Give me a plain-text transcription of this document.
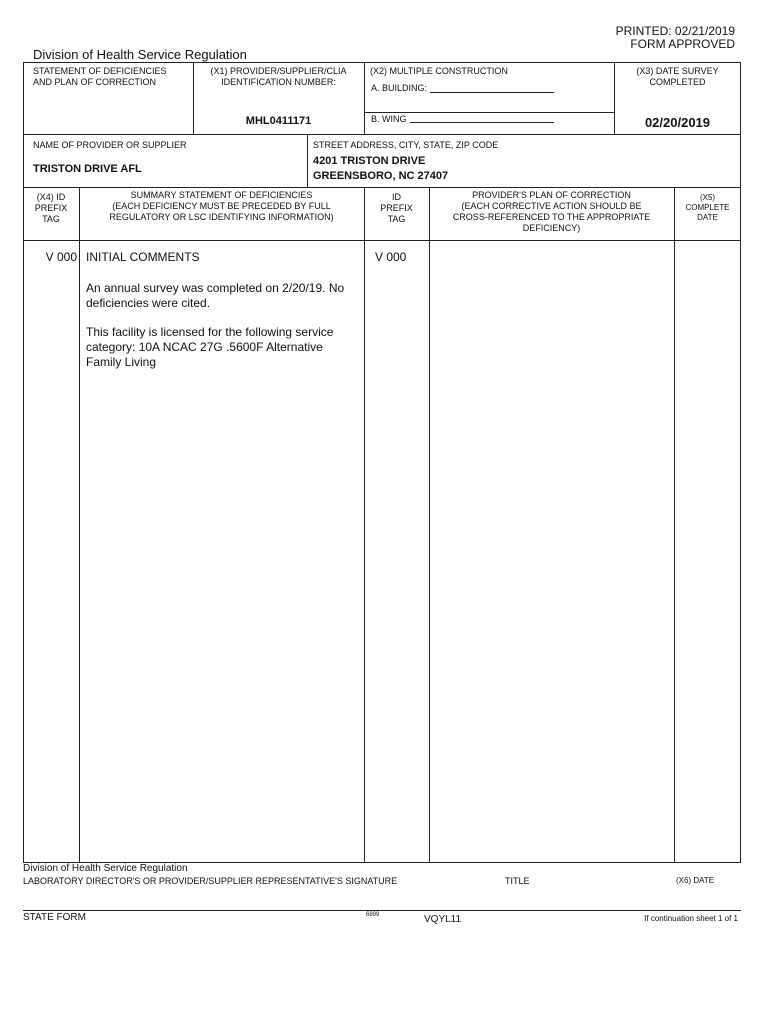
PRINTED: 02/21/2019
FORM APPROVED
Division of Health Service Regulation
STATEMENT OF DEFICIENCIES
AND PLAN OF CORRECTION
(X1) PROVIDER/SUPPLIER/CLIA
IDENTIFICATION NUMBER:
MHL0411171
(X2) MULTIPLE CONSTRUCTION
A. BUILDING:
B. WING
(X3) DATE SURVEY
COMPLETED
02/20/2019
NAME OF PROVIDER OR SUPPLIER
TRISTON DRIVE AFL
STREET ADDRESS, CITY, STATE, ZIP CODE
4201 TRISTON DRIVE
GREENSBORO, NC 27407
(X4) ID
PREFIX
TAG
SUMMARY STATEMENT OF DEFICIENCIES
(EACH DEFICIENCY MUST BE PRECEDED BY FULL
REGULATORY OR LSC IDENTIFYING INFORMATION)
ID
PREFIX
TAG
PROVIDER'S PLAN OF CORRECTION
(EACH CORRECTIVE ACTION SHOULD BE
CROSS-REFERENCED TO THE APPROPRIATE
DEFICIENCY)
(X5)
COMPLETE
DATE
V 000 INITIAL COMMENTS	V 000
An annual survey was completed on 2/20/19. No deficiencies were cited.
This facility is licensed for the following service category: 10A NCAC 27G .5600F Alternative Family Living
Division of Health Service Regulation
LABORATORY DIRECTOR'S OR PROVIDER/SUPPLIER REPRESENTATIVE'S SIGNATURE	TITLE	(X6) DATE
STATE FORM	6899	VQYL11	If continuation sheet 1 of 1
